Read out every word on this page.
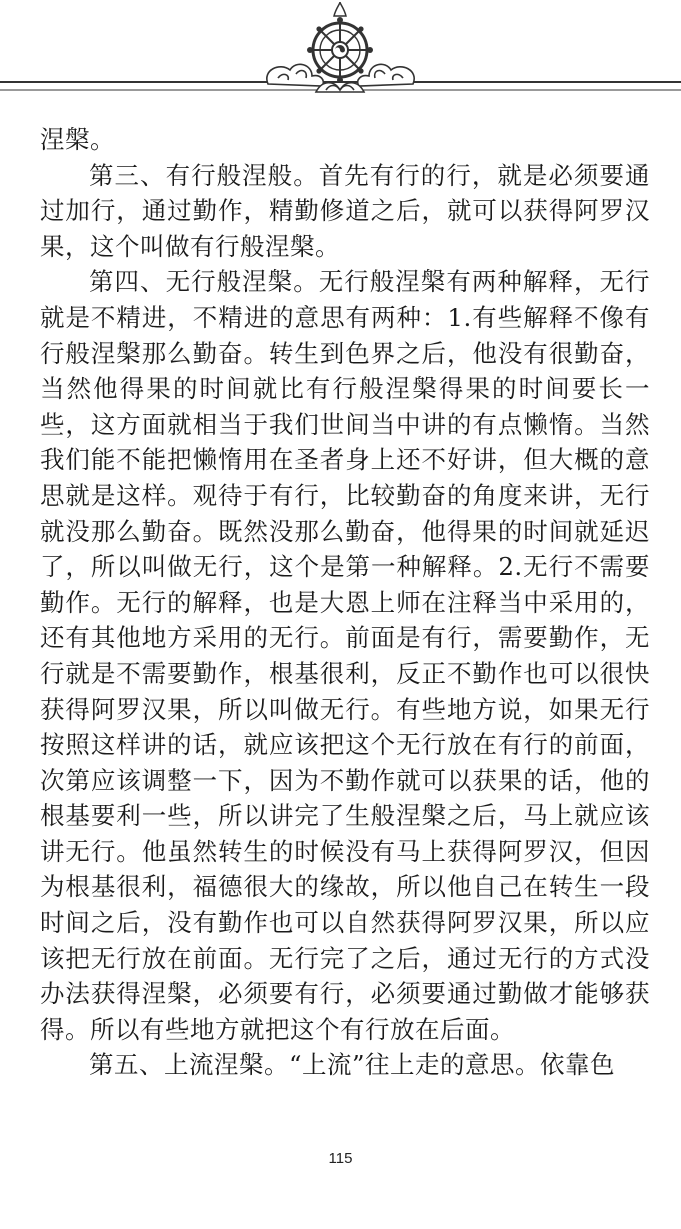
涅槃。

第三、有行般涅般。首先有行的行，就是必须要通过加行，通过勤作，精勤修道之后，就可以获得阿罗汉果，这个叫做有行般涅槃。

第四、无行般涅槃。无行般涅槃有两种解释，无行就是不精进，不精进的意思有两种：1.有些解释不像有行般涅槃那么勤奋。转生到色界之后，他没有很勤奋，当然他得果的时间就比有行般涅槃得果的时间要长一些，这方面就相当于我们世间当中讲的有点懒惰。当然我们能不能把懒惰用在圣者身上还不好讲，但大概的意思就是这样。观待于有行，比较勤奋的角度来讲，无行就没那么勤奋。既然没那么勤奋，他得果的时间就延迟了，所以叫做无行，这个是第一种解释。2.无行不需要勤作。无行的解释，也是大恩上师在注释当中采用的，还有其他地方采用的无行。前面是有行，需要勤作，无行就是不需要勤作，根基很利，反正不勤作也可以很快获得阿罗汉果，所以叫做无行。有些地方说，如果无行按照这样讲的话，就应该把这个无行放在有行的前面，次第应该调整一下，因为不勤作就可以获果的话，他的根基要利一些，所以讲完了生般涅槃之后，马上就应该讲无行。他虽然转生的时候没有马上获得阿罗汉，但因为根基很利，福德很大的缘故，所以他自己在转生一段时间之后，没有勤作也可以自然获得阿罗汉果，所以应该把无行放在前面。无行完了之后，通过无行的方式没办法获得涅槃，必须要有行，必须要通过勤做才能够获得。所以有些地方就把这个有行放在后面。

第五、上流涅槃。“上流”往上走的意思。依靠色

115
